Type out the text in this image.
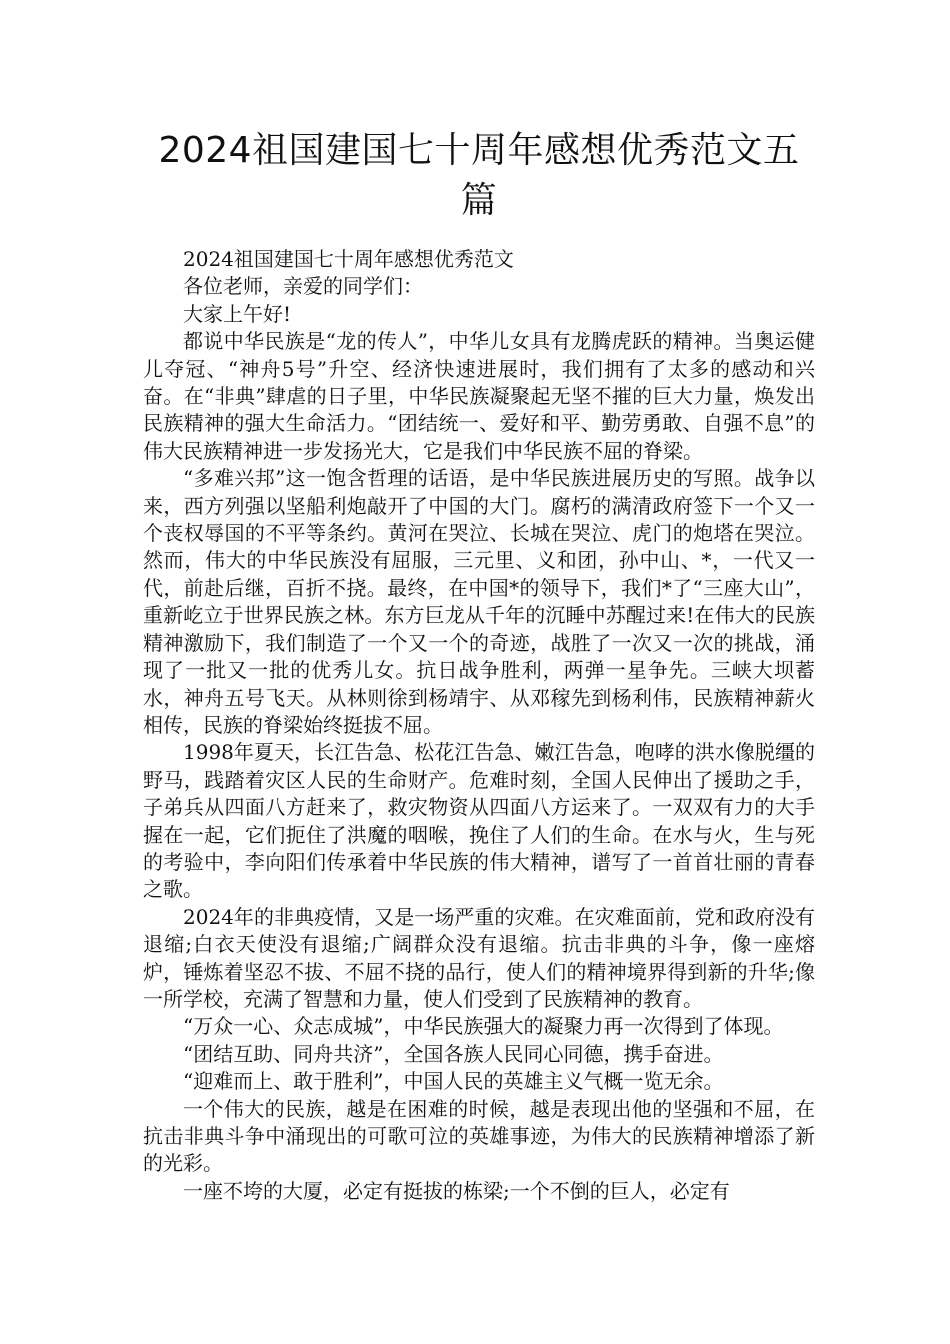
2024祖国建国七十周年感想优秀范文五篇

2024祖国建国七十周年感想优秀范文

各位老师，亲爱的同学们：

大家上午好!

都说中华民族是“龙的传人”，中华儿女具有龙腾虎跃的精神。当奥运健儿夺冠、“神舟5号”升空、经济快速进展时，我们拥有了太多的感动和兴奋。在“非典”肆虐的日子里，中华民族凝聚起无坚不摧的巨大力量，焕发出民族精神的强大生命活力。“团结统一、爱好和平、勤劳勇敢、自强不息”的伟大民族精神进一步发扬光大，它是我们中华民族不屈的脊梁。

“多难兴邦”这一饱含哲理的话语，是中华民族进展历史的写照。战争以来，西方列强以坚船利炮敲开了中国的大门。腐朽的满清政府签下一个又一个丧权辱国的不平等条约。黄河在哭泣、长城在哭泣、虎门的炮塔在哭泣。然而，伟大的中华民族没有屈服，三元里、义和团，孙中山、*，一代又一代，前赴后继，百折不挠。最终，在中国*的领导下，我们*了“三座大山”，重新屹立于世界民族之林。东方巨龙从千年的沉睡中苏醒过来!在伟大的民族精神激励下，我们制造了一个又一个的奇迹，战胜了一次又一次的挑战，涌现了一批又一批的优秀儿女。抗日战争胜利，两弹一星争先。三峡大坝蓄水，神舟五号飞天。从林则徐到杨靖宇、从邓稼先到杨利伟，民族精神薪火相传，民族的脊梁始终挺拔不屈。

1998年夏天，长江告急、松花江告急、嫩江告急，咆哮的洪水像脱缰的野马，践踏着灾区人民的生命财产。危难时刻，全国人民伸出了援助之手，子弟兵从四面八方赶来了，救灾物资从四面八方运来了。一双双有力的大手握在一起，它们扼住了洪魔的咽喉，挽住了人们的生命。在水与火，生与死的考验中，李向阳们传承着中华民族的伟大精神，谱写了一首首壮丽的青春之歌。

2024年的非典疫情，又是一场严重的灾难。在灾难面前，党和政府没有退缩;白衣天使没有退缩;广阔群众没有退缩。抗击非典的斗争，像一座熔炉，锤炼着坚忍不拔、不屈不挠的品行，使人们的精神境界得到新的升华;像一所学校，充满了智慧和力量，使人们受到了民族精神的教育。

“万众一心、众志成城”，中华民族强大的凝聚力再一次得到了体现。

“团结互助、同舟共济”，全国各族人民同心同德，携手奋进。

“迎难而上、敢于胜利”，中国人民的英雄主义气概一览无余。

一个伟大的民族，越是在困难的时候，越是表现出他的坚强和不屈，在抗击非典斗争中涌现出的可歌可泣的英雄事迹，为伟大的民族精神增添了新的光彩。

一座不垮的大厦，必定有挺拔的栋梁;一个不倒的巨人，必定有
